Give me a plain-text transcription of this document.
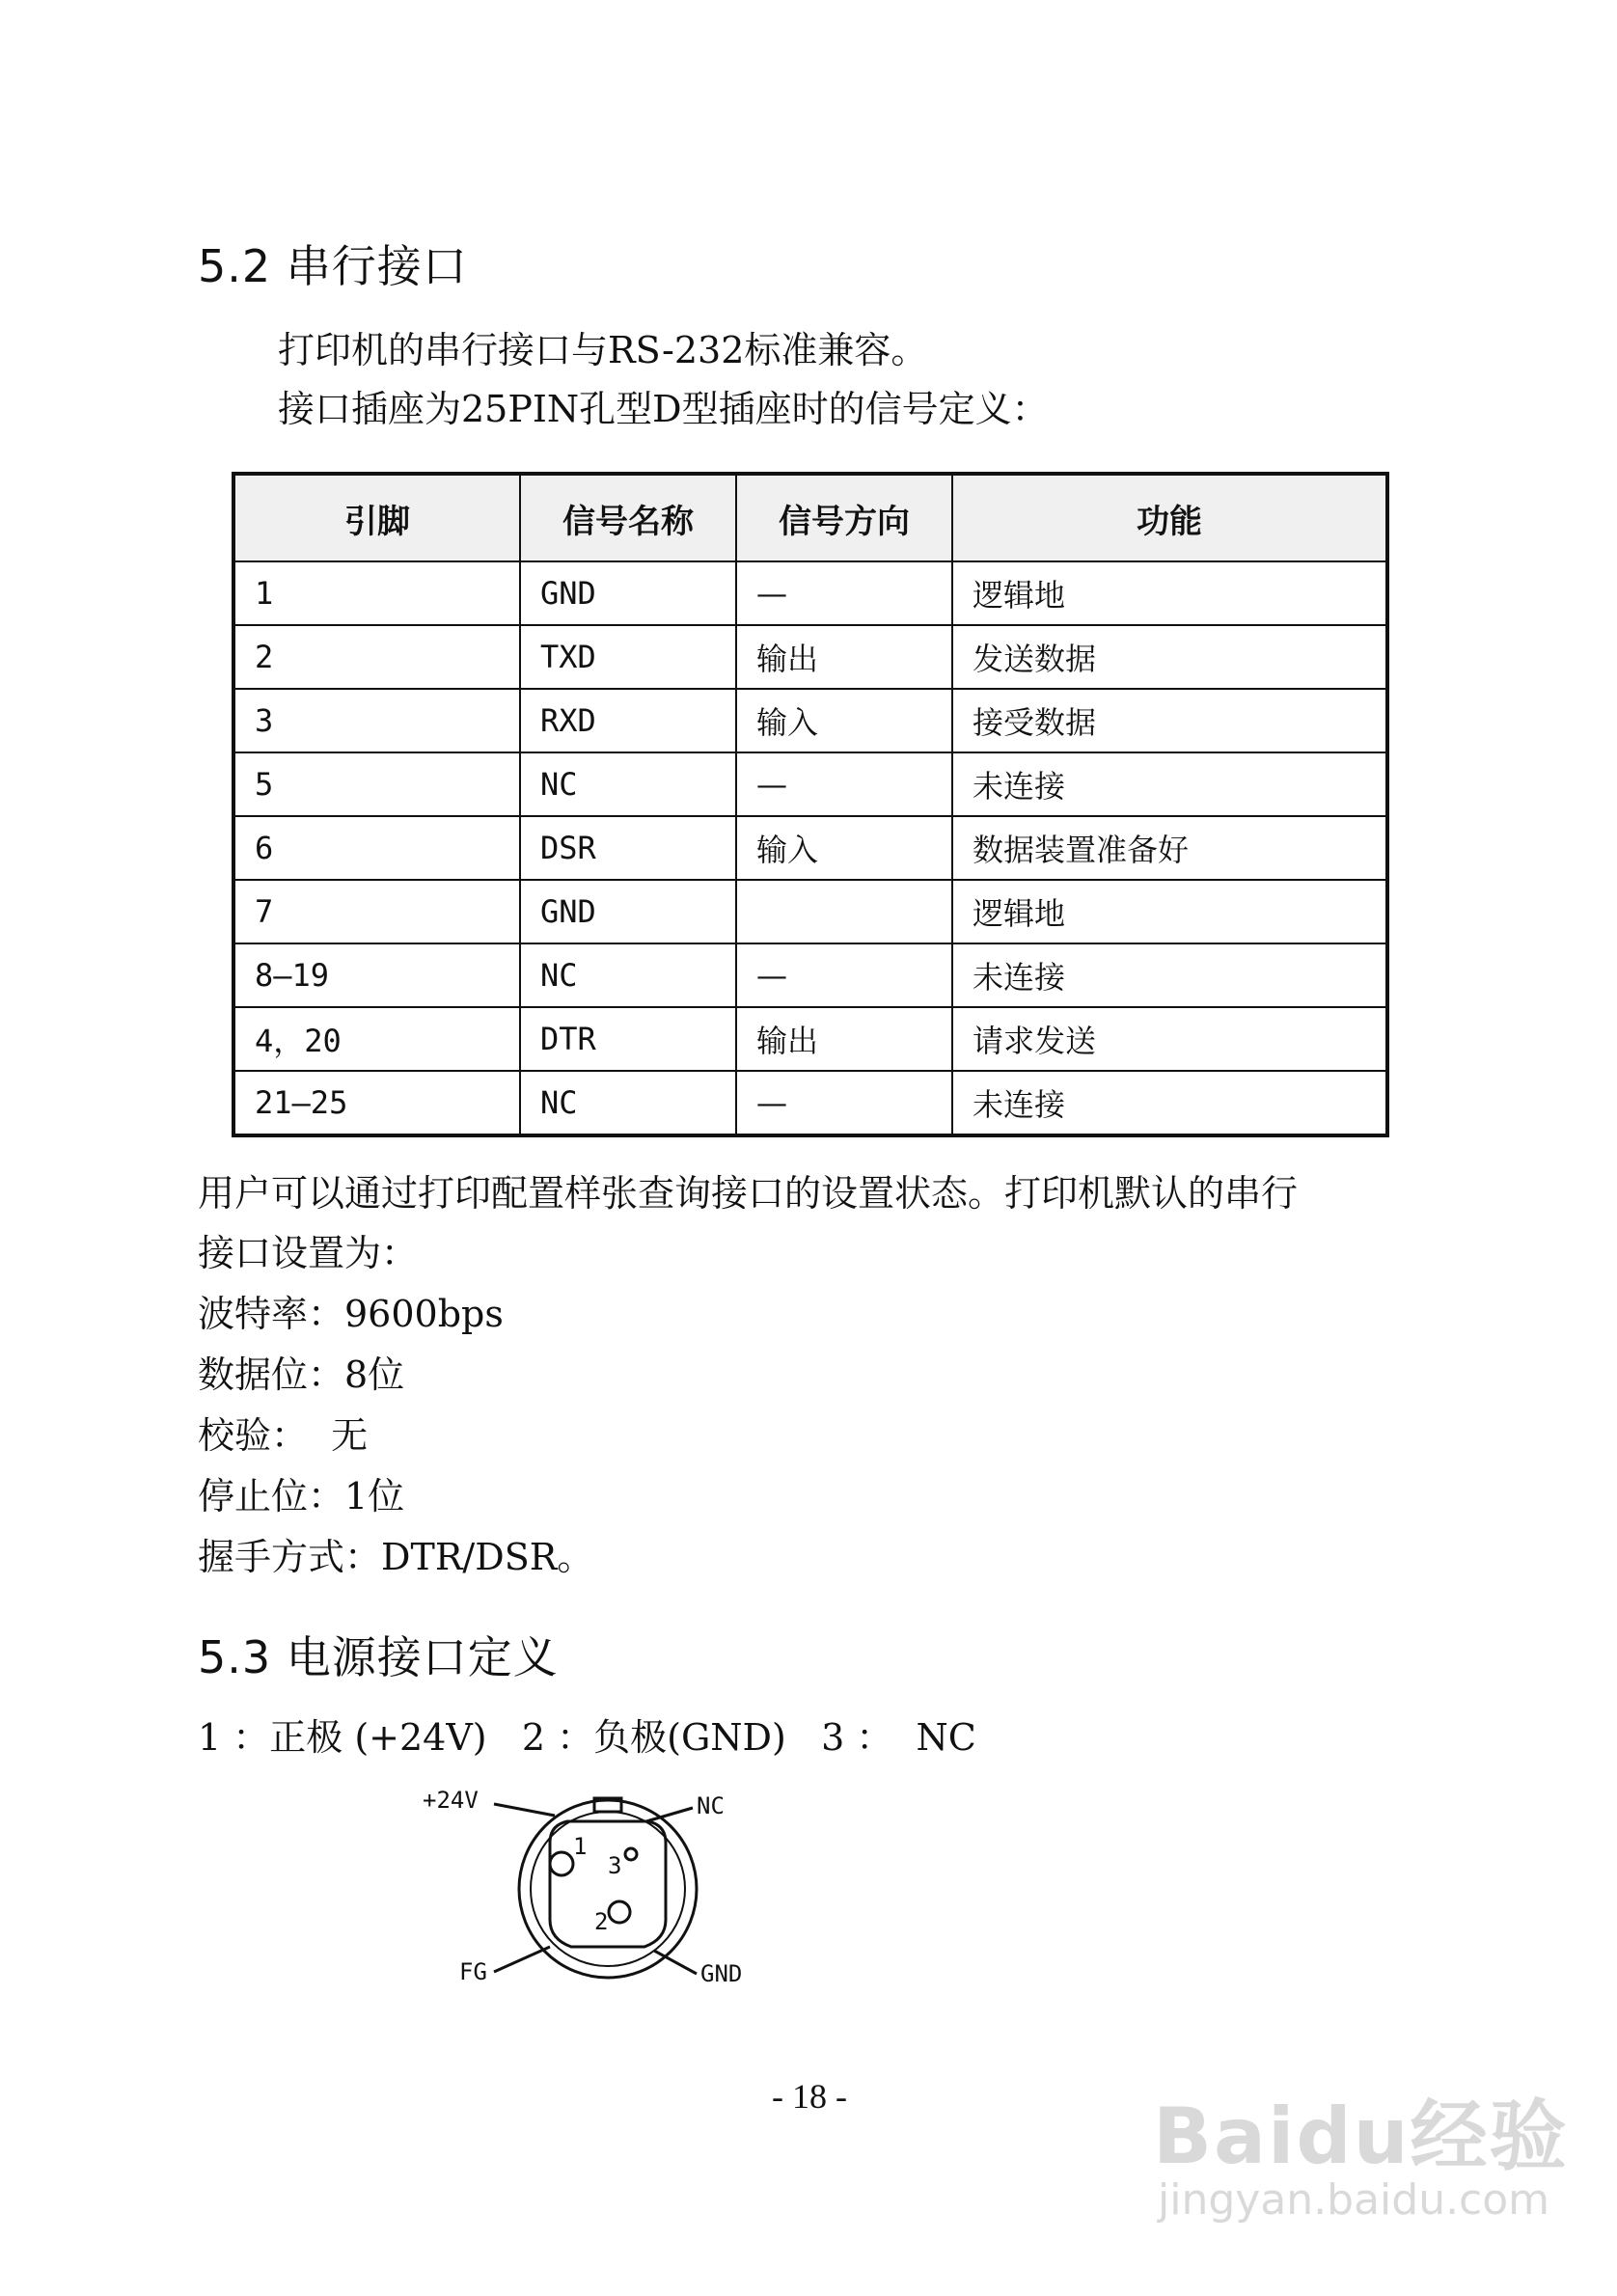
5.2 串行接口
打印机的串行接口与RS-232标准兼容。
接口插座为25PIN孔型D型插座时的信号定义：
引脚	信号名称	信号方向	功能
1	GND	—	逻辑地
2	TXD	输出	发送数据
3	RXD	输入	接受数据
5	NC	—	未连接
6	DSR	输入	数据装置准备好
7	GND		逻辑地
8—19	NC	—	未连接
4，20	DTR	输出	请求发送
21—25	NC	—	未连接
用户可以通过打印配置样张查询接口的设置状态。打印机默认的串行
接口设置为：
波特率：9600bps
数据位：8位
校验：  无
停止位：1位
握手方式：DTR/DSR。
5.3 电源接口定义
1 ：正极 (+24V)   2 ：负极(GND)   3 ：  NC
+24V	NC
FG	GND
1
2
3
- 18 -	Baidu经验
jingyan.baidu.com
